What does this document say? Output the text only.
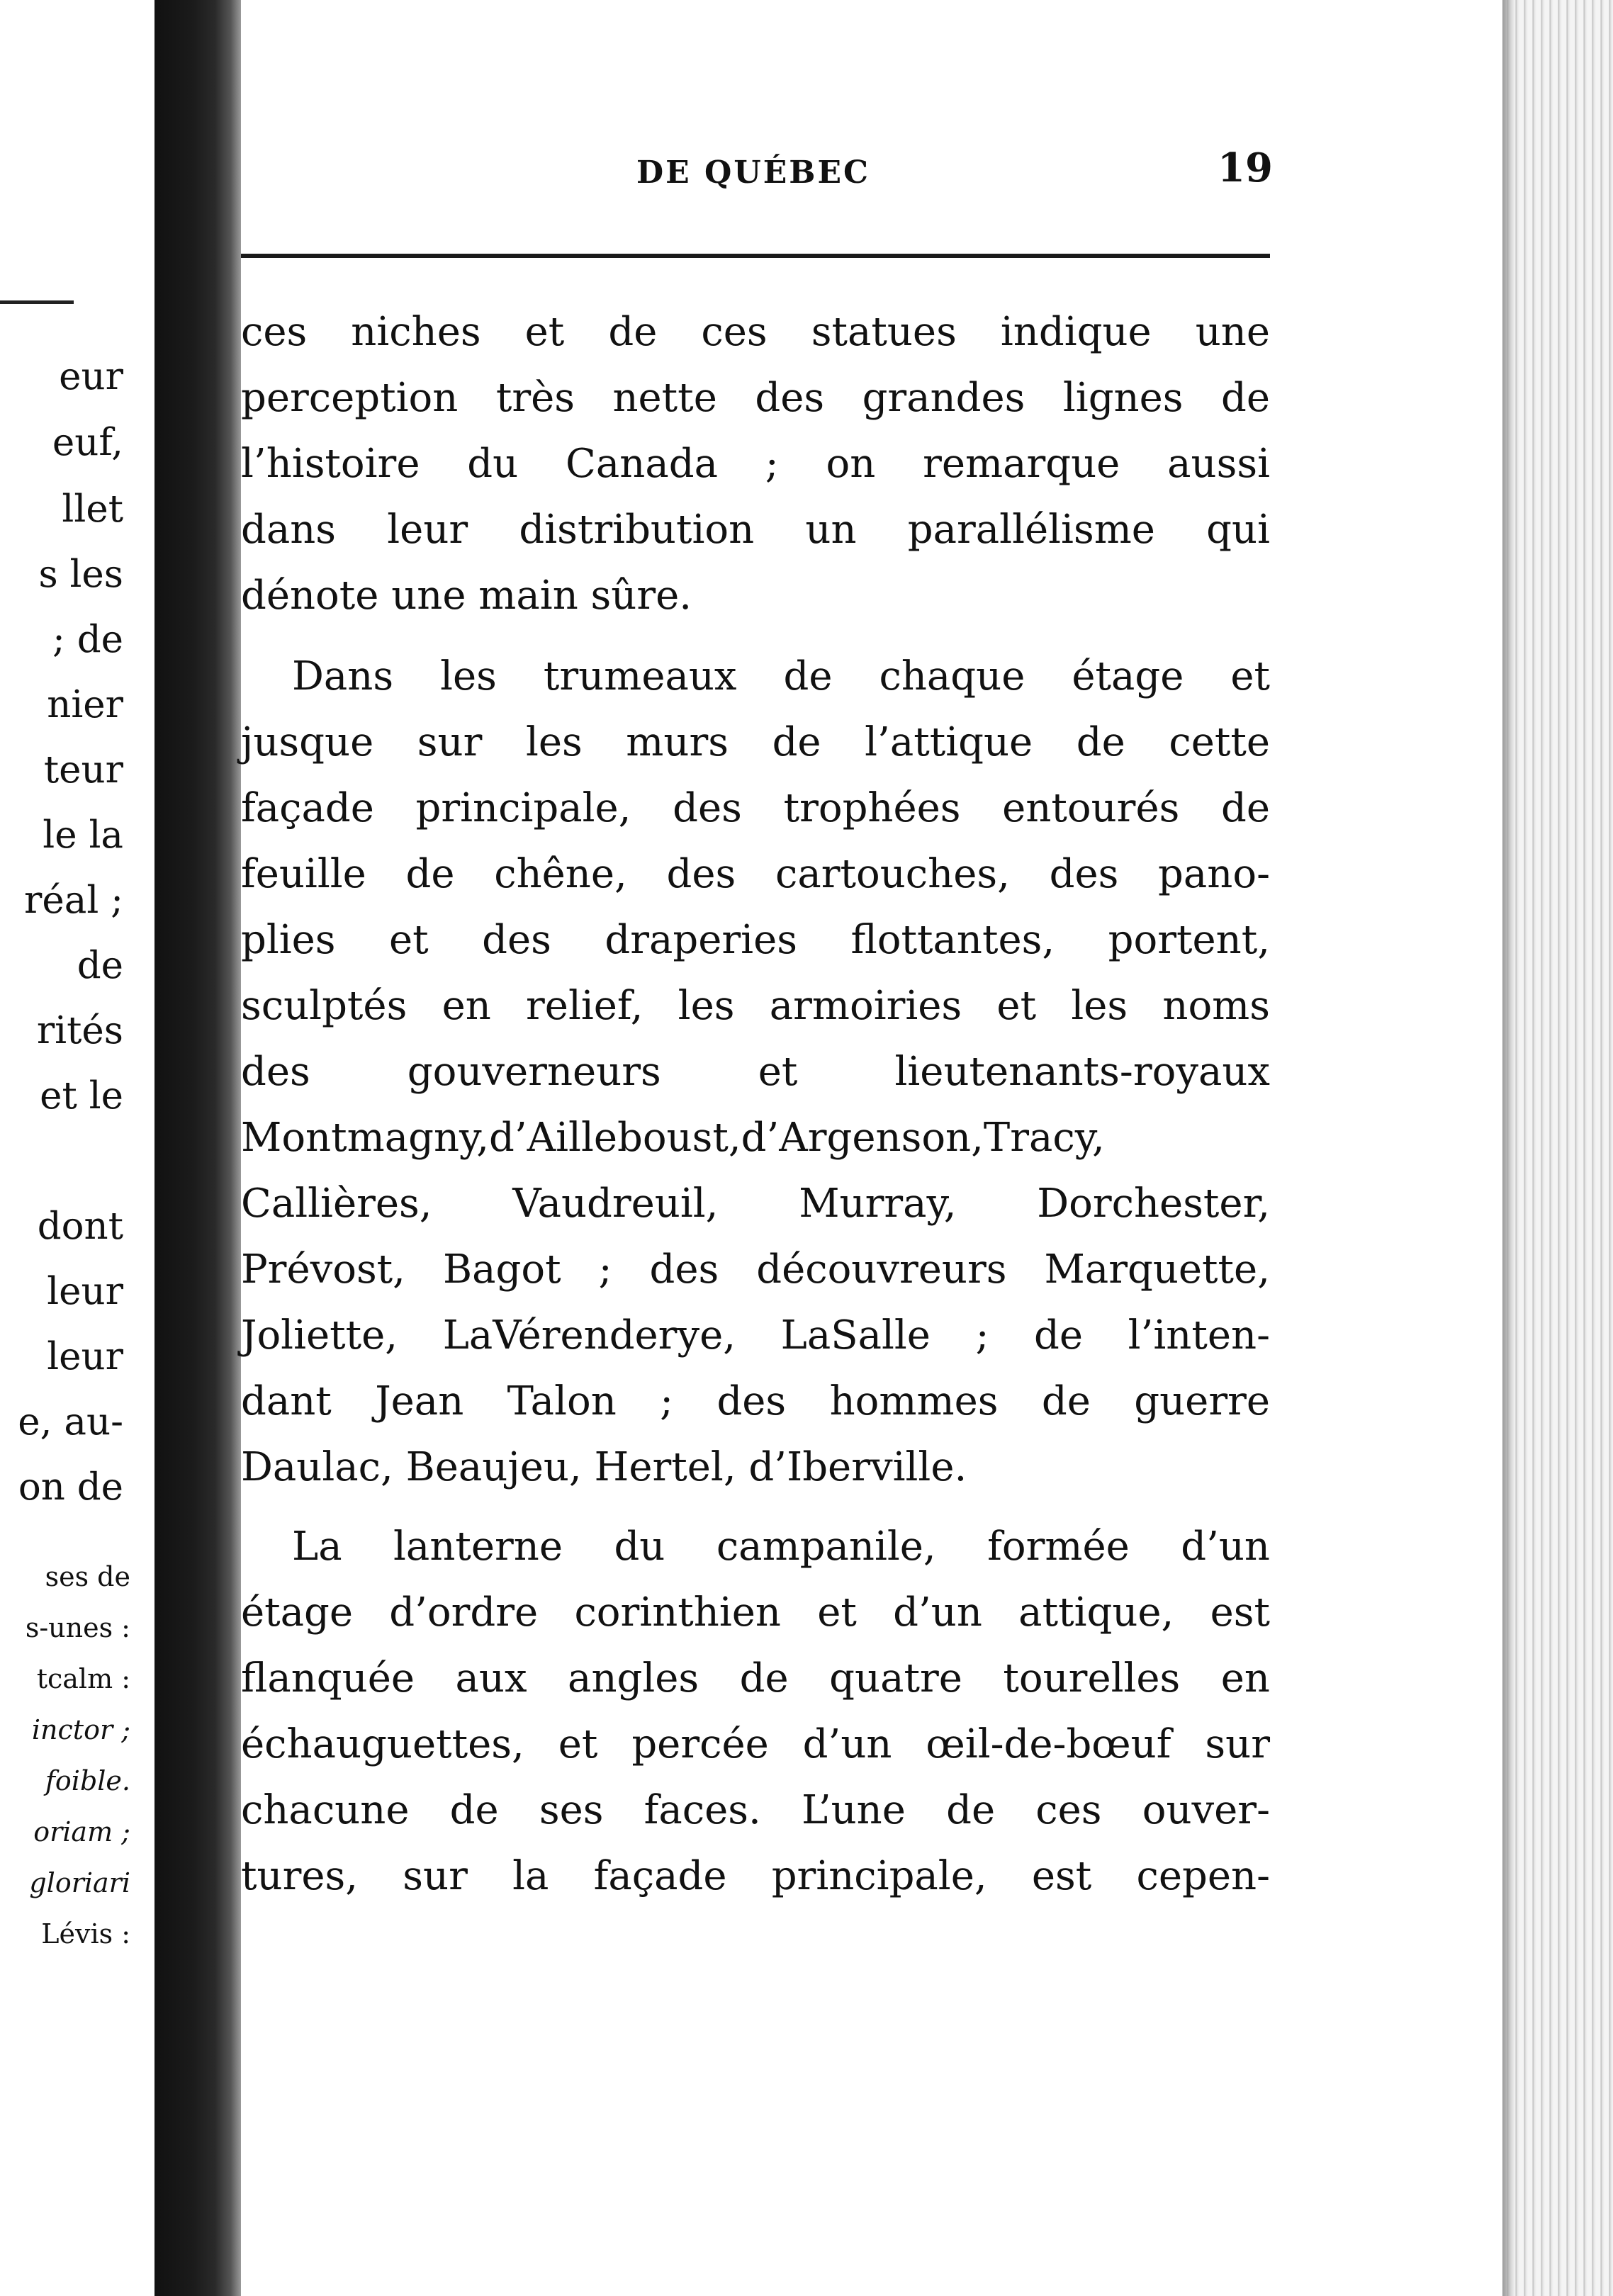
eur
euf,
llet
s les
; de
nier
teur
le la
réal ;
de
rités
et le
dont
leur
leur
e, au-
on de
ses de
s-unes :
tcalm :
inctor ;
foible.
oriam ;
gloriari
Lévis :
DE QUÉBEC	19
ces niches et de ces statues indique une
perception très nette des grandes lignes de
l’histoire du Canada ; on remarque aussi
dans leur distribution un parallélisme qui
dénote une main sûre.
Dans les trumeaux de chaque étage et
jusque sur les murs de l’attique de cette
façade principale, des trophées entourés de
feuille de chêne, des cartouches, des pano-
plies et des draperies flottantes, portent,
sculptés en relief, les armoiries et les noms
des gouverneurs et lieutenants-royaux
Montmagny,d’Ailleboust,d’Argenson,Tracy,
Callières, Vaudreuil, Murray, Dorchester,
Prévost, Bagot ; des découvreurs Marquette,
Joliette, LaVérenderye, LaSalle ; de l’inten-
dant Jean Talon ; des hommes de guerre
Daulac, Beaujeu, Hertel, d’Iberville.
La lanterne du campanile, formée d’un
étage d’ordre corinthien et d’un attique, est
flanquée aux angles de quatre tourelles en
échauguettes, et percée d’un œil-de-bœuf sur
chacune de ses faces. L’une de ces ouver-
tures, sur la façade principale, est cepen-
